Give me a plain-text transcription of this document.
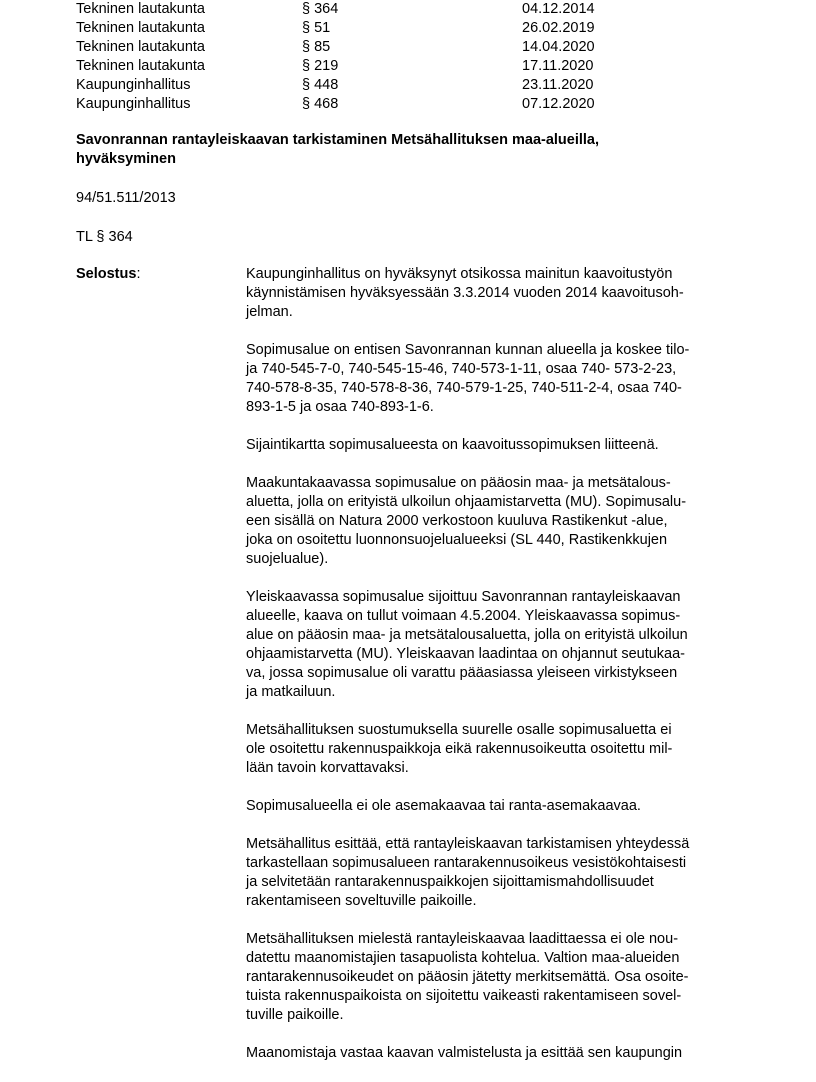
Tekninen lautakunta	§ 364	04.12.2014
Tekninen lautakunta	§ 51	26.02.2019
Tekninen lautakunta	§ 85	14.04.2020
Tekninen lautakunta	§ 219	17.11.2020
Kaupunginhallitus	§ 448	23.11.2020
Kaupunginhallitus	§ 468	07.12.2020
Savonrannan rantayleiskaavan tarkistaminen Metsähallituksen maa-alueilla,
hyväksyminen
94/51.511/2013
TL § 364
Selostus:	Kaupunginhallitus on hyväksynyt otsikossa mainitun kaavoitustyön
käynnistämisen hyväksyessään 3.3.2014 vuoden 2014 kaavoitusoh-
jelman.

Sopimusalue on entisen Savonrannan kunnan alueella ja koskee tilo-
ja 740-545-7-0, 740-545-15-46, 740-573-1-11, osaa 740- 573-2-23,
740-578-8-35, 740-578-8-36, 740-579-1-25, 740-511-2-4, osaa 740-
893-1-5 ja osaa 740-893-1-6.

Sijaintikartta sopimusalueesta on kaavoitussopimuksen liitteenä.

Maakuntakaavassa sopimusalue on pääosin maa- ja metsätalous-
aluetta, jolla on erityistä ulkoilun ohjaamistarvetta (MU). Sopimusalu-
een sisällä on Natura 2000 verkostoon kuuluva Rastikenkut -alue,
joka on osoitettu luonnonsuojelualueeksi (SL 440, Rastikenkkujen
suojelualue).

Yleiskaavassa sopimusalue sijoittuu Savonrannan rantayleiskaavan
alueelle, kaava on tullut voimaan 4.5.2004. Yleiskaavassa sopimus-
alue on pääosin maa- ja metsätalousaluetta, jolla on erityistä ulkoilun
ohjaamistarvetta (MU). Yleiskaavan laadintaa on ohjannut seutukaa-
va, jossa sopimusalue oli varattu pääasiassa yleiseen virkistykseen
ja matkailuun.

Metsähallituksen suostumuksella suurelle osalle sopimusaluetta ei
ole osoitettu rakennuspaikkoja eikä rakennusoikeutta osoitettu mil-
lään tavoin korvattavaksi.

Sopimusalueella ei ole asemakaavaa tai ranta-asemakaavaa.

Metsähallitus esittää, että rantayleiskaavan tarkistamisen yhteydessä
tarkastellaan sopimusalueen rantarakennusoikeus vesistökohtaisesti
ja selvitetään rantarakennuspaikkojen sijoittamismahdollisuudet
rakentamiseen soveltuville paikoille.

Metsähallituksen mielestä rantayleiskaavaa laadittaessa ei ole nou-
datettu maanomistajien tasapuolista kohtelua. Valtion maa-alueiden
rantarakennusoikeudet on pääosin jätetty merkitsemättä. Osa osoite-
tuista rakennuspaikoista on sijoitettu vaikeasti rakentamiseen sovel-
tuville paikoille.

Maanomistaja vastaa kaavan valmistelusta ja esittää sen kaupungin
